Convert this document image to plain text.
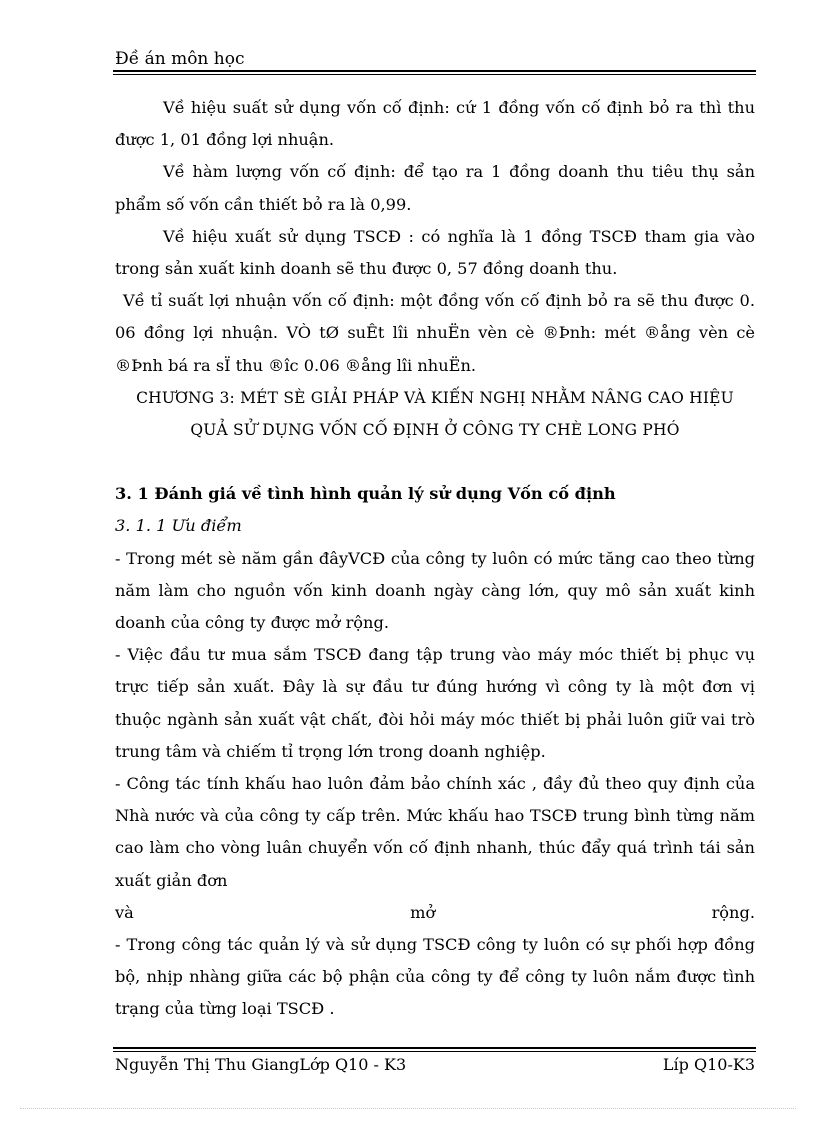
Đề án môn học

Về hiệu suất sử dụng vốn cố định: cứ 1 đồng vốn cố định bỏ ra thì thu được 1, 01 đồng lợi nhuận.

Về hàm lượng vốn cố định: để tạo ra 1 đồng doanh thu tiêu thụ sản phẩm số vốn cần thiết bỏ ra là 0,99.

Về hiệu xuất sử dụng TSCĐ : có nghĩa là 1 đồng TSCĐ tham gia vào trong sản xuất kinh doanh sẽ thu được 0, 57 đồng doanh thu.

Về tỉ suất lợi nhuận vốn cố định: một đồng vốn cố định bỏ ra sẽ thu được 0. 06 đồng lợi nhuận. VÒ tØ suÊt lîi nhuËn vèn cè ®Þnh: mét ®ång vèn cè ®Þnh bá ra sÏ thu ®îc 0.06 ®ång lîi nhuËn.

CHƯƠNG 3: MÉT SÈ GIẢI PHÁP VÀ KIẾN NGHỊ NHẰM NÂNG CAO HIỆU

QUẢ SỬ DỤNG VỐN CỐ ĐỊNH Ở CÔNG TY CHÈ LONG PHÓ

3. 1 Đánh giá về tình hình quản lý sử dụng Vốn cố định

3. 1. 1 Ưu điểm

- Trong mét sè năm gần đâyVCĐ của công ty luôn có mức tăng cao theo từng năm làm cho nguồn vốn kinh doanh ngày càng lớn, quy mô sản xuất kinh doanh của công ty được mở rộng.

- Việc đầu tư mua sắm TSCĐ đang tập trung vào máy móc thiết bị phục vụ trực tiếp sản xuất. Đây là sự đầu tư đúng hướng vì công ty là một đơn vị thuộc ngành sản xuất vật chất, đòi hỏi máy móc thiết bị phải luôn giữ vai trò trung tâm và chiếm tỉ trọng lớn trong doanh nghiệp.

- Công tác tính khấu hao luôn đảm bảo chính xác , đầy đủ theo quy định của Nhà nước và của công ty cấp trên. Mức khấu hao TSCĐ trung bình từng năm cao làm cho vòng luân chuyển vốn cố định nhanh, thúc đẩy quá trình tái sản xuất giản đơn

và	mở	rộng.

- Trong công tác quản lý và sử dụng TSCĐ công ty luôn có sự phối hợp đồng bộ, nhịp nhàng giữa các bộ phận của công ty để công ty luôn nắm được tình trạng của từng loại TSCĐ .

Nguyễn Thị Thu GiangLớp Q10 - K3	Líp Q10-K3
